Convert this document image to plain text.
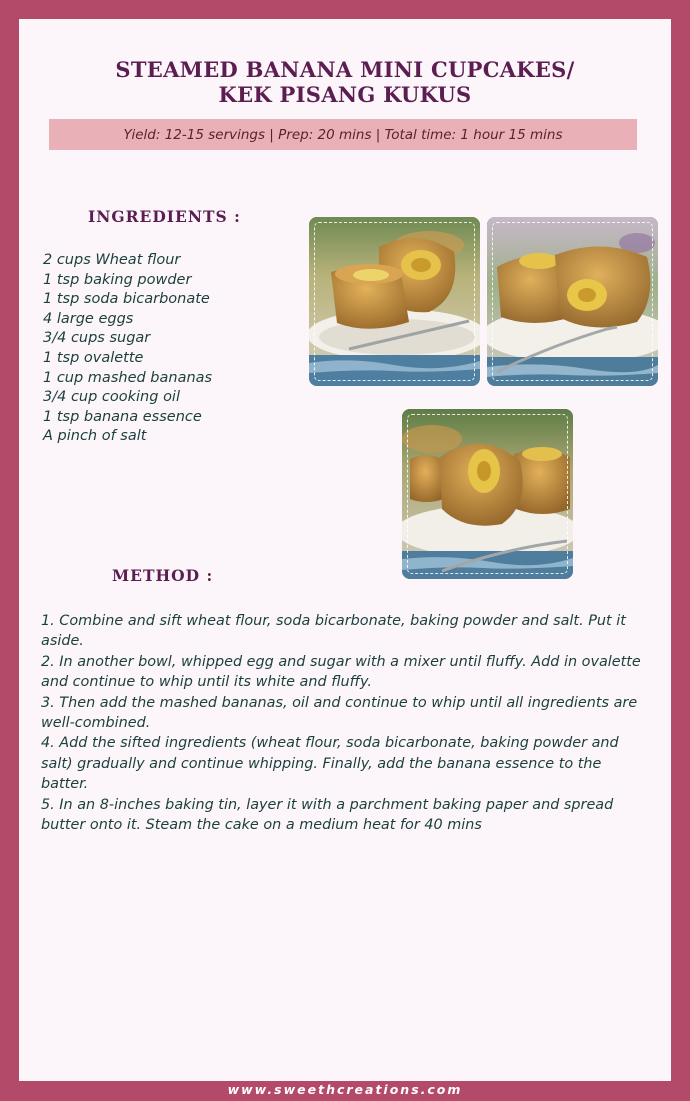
STEAMED BANANA MINI CUPCAKES/
KEK PISANG KUKUS
Yield: 12-15 servings | Prep: 20 mins | Total time: 1 hour 15 mins
INGREDIENTS :
2 cups Wheat flour
1 tsp baking powder
1 tsp soda bicarbonate
4 large eggs
3/4 cups sugar
1 tsp ovalette
1 cup mashed bananas
3/4 cup cooking oil
1 tsp banana essence
A pinch of salt
METHOD :

1. Combine and sift wheat flour, soda bicarbonate, baking powder and salt. Put it aside.

2. In another bowl, whipped egg and sugar with a mixer until fluffy. Add in ovalette and continue to whip until its white and fluffy.

3. Then add the mashed bananas, oil and continue to whip until all ingredients are well-combined.

4. Add the sifted ingredients (wheat flour, soda bicarbonate, baking powder and salt) gradually and continue whipping. Finally, add the banana essence to the batter.

5. In an 8-inches baking tin, layer it with a parchment baking paper and spread butter onto it. Steam the cake on a medium heat for 40 mins

www.sweethcreations.com
